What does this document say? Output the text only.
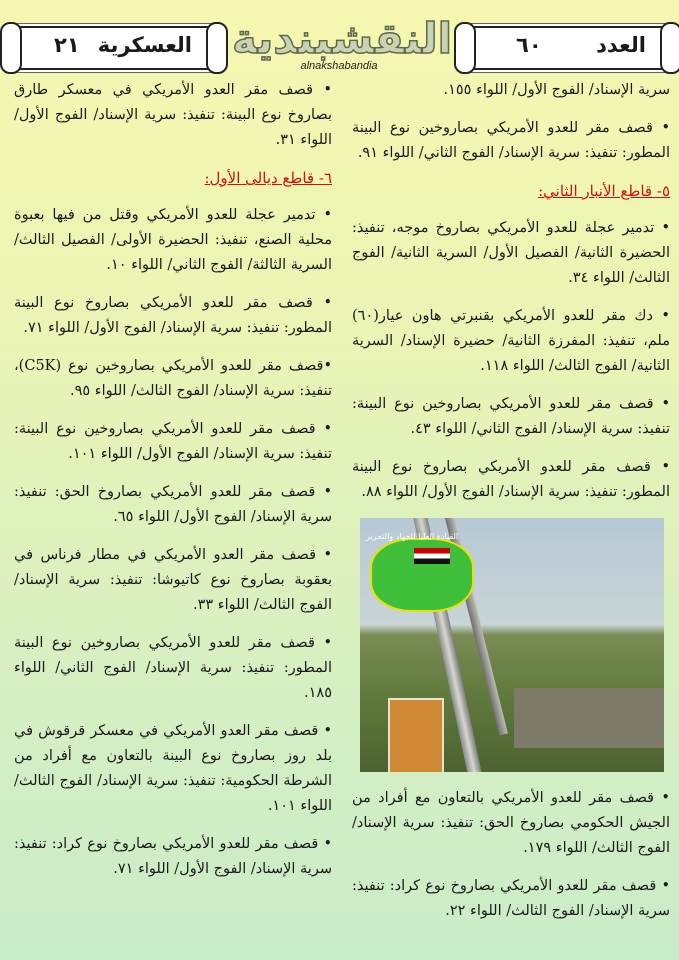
العسكرية
٢١	النقشبندية
alnakshabandia
العدد
٦٠

سرية الإسناد/ الفوج الأول/ اللواء ١٥٥.

• قصف مقر للعدو الأمريكي بصاروخين نوع البينة المطور: تنفيذ: سرية الإسناد/ الفوج الثاني/ اللواء ٩١.

٥- قاطع الأنبار الثاني:

• تدمير عجلة للعدو الأمريكي بصاروخ موجه، تنفيذ: الحضيرة الثانية/ الفصيل الأول/ السرية الثانية/ الفوج الثالث/ اللواء ٣٤.

• دك مقر للعدو الأمريكي بقنبرتي هاون عيار(٦٠) ملم، تنفيذ: المفرزة الثانية/ حضيرة الإسناد/ السرية الثانية/ الفوج الثالث/ اللواء ١١٨.

• قصف مقر للعدو الأمريكي بصاروخين نوع البينة: تنفيذ: سرية الإسناد/ الفوج الثاني/ اللواء ٤٣.

• قصف مقر للعدو الأمريكي بصاروخ نوع البينة المطور: تنفيذ: سرية الإسناد/ الفوج الأول/ اللواء ٨٨.

القيادة العليا للجهاد والتحرير

• قصف مقر للعدو الأمريكي بالتعاون مع أفراد من الجيش الحكومي بصاروخ الحق: تنفيذ: سرية الإسناد/ الفوج الثالث/ اللواء ١٧٩.

• قصف مقر للعدو الأمريكي بصاروخ نوع كراد: تنفيذ: سرية الإسناد/ الفوج الثالث/ اللواء ٢٢.

• قصف مقر العدو الأمريكي في معسكر طارق بصاروخ نوع البينة: تنفيذ: سرية الإسناد/ الفوج الأول/ اللواء ٣١.

٦- قاطع ديالى الأول:

• تدمير عجلة للعدو الأمريكي وقتل من فيها بعبوة محلية الصنع، تنفيذ: الحضيرة الأولى/ الفصيل الثالث/ السرية الثالثة/ الفوج الثاني/ اللواء ١٠.

• قصف مقر للعدو الأمريكي بصاروخ نوع البينة المطور: تنفيذ: سرية الإسناد/ الفوج الأول/ اللواء ٧١.

•قصف مقر للعدو الأمريكي بصاروخين نوع (C5K)، تنفيذ: سرية الإسناد/ الفوج الثالث/ اللواء ٩٥.

• قصف مقر للعدو الأمريكي بصاروخين نوع البينة: تنفيذ: سرية الإسناد/ الفوج الأول/ اللواء ١٠١.

• قصف مقر للعدو الأمريكي بصاروخ الحق: تنفيذ: سرية الإسناد/ الفوج الأول/ اللواء ٦٥.

• قصف مقر العدو الأمريكي في مطار فرناس في بعقوبة بصاروخ نوع كاتيوشا: تنفيذ: سرية الإسناد/ الفوج الثالث/ اللواء ٣٣.

• قصف مقر للعدو الأمريكي بصاروخين نوع البينة المطور: تنفيذ: سرية الإسناد/ الفوج الثاني/ اللواء ١٨٥.

• قصف مقر العدو الأمريكي في معسكر قرقوش في بلد روز بصاروخ نوع البينة بالتعاون مع أفراد من الشرطة الحكومية: تنفيذ: سرية الإسناد/ الفوج الثالث/ اللواء ١٠١.

• قصف مقر للعدو الأمريكي بصاروخ نوع كراد: تنفيذ: سرية الإسناد/ الفوج الأول/ اللواء ٧١.
